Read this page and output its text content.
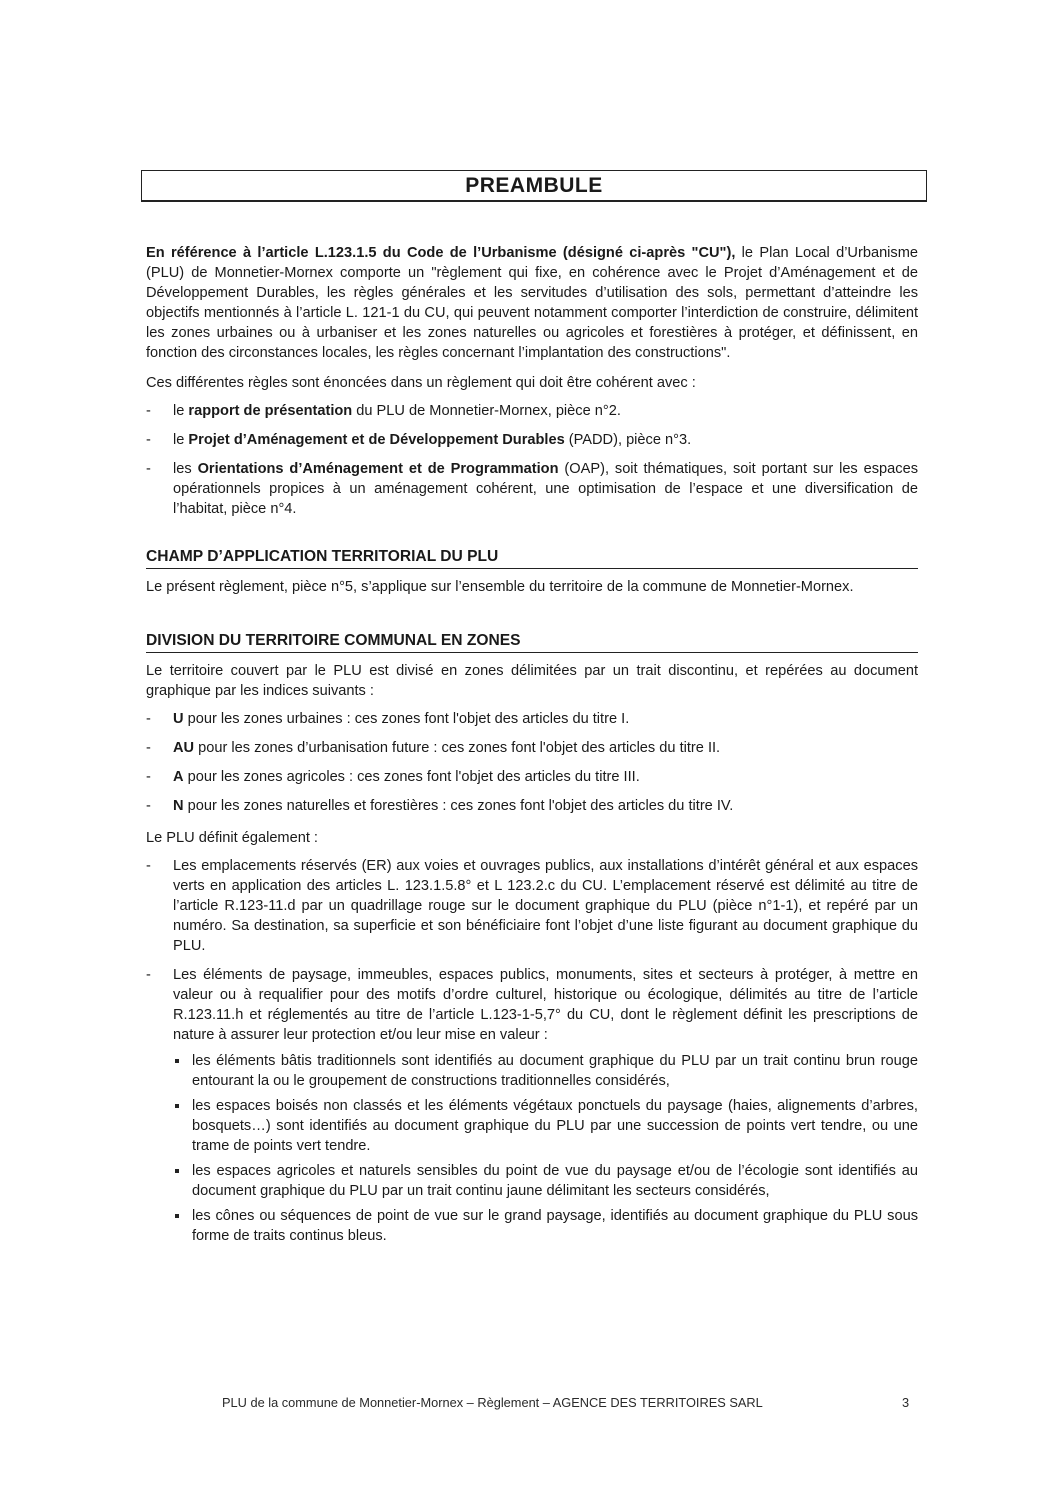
PREAMBULE

En référence à l’article L.123.1.5 du Code de l’Urbanisme (désigné ci-après "CU"), le Plan Local d’Urbanisme (PLU) de Monnetier-Mornex comporte un "règlement qui fixe, en cohérence avec le Projet d’Aménagement et de Développement Durables, les règles générales et les servitudes d’utilisation des sols, permettant d’atteindre les objectifs mentionnés à l’article L. 121-1 du CU, qui peuvent notamment comporter l’interdiction de construire, délimitent les zones urbaines ou à urbaniser et les zones naturelles ou agricoles et forestières à protéger, et définissent, en fonction des circonstances locales, les règles concernant l’implantation des constructions".

Ces différentes règles sont énoncées dans un règlement qui doit être cohérent avec :

- le rapport de présentation du PLU de Monnetier-Mornex, pièce n°2.
- le Projet d’Aménagement et de Développement Durables (PADD), pièce n°3.
- les Orientations d’Aménagement et de Programmation (OAP), soit thématiques, soit portant sur les espaces opérationnels propices à un aménagement cohérent, une optimisation de l’espace et une diversification de l’habitat, pièce n°4.
CHAMP D’APPLICATION TERRITORIAL DU PLU

Le présent règlement, pièce n°5, s’applique sur l’ensemble du territoire de la commune de Monnetier-Mornex.

DIVISION DU TERRITOIRE COMMUNAL EN ZONES

Le territoire couvert par le PLU est divisé en zones délimitées par un trait discontinu, et repérées au document graphique par les indices suivants :

- U pour les zones urbaines : ces zones font l'objet des articles du titre I.
- AU pour les zones d’urbanisation future : ces zones font l'objet des articles du titre II.
- A pour les zones agricoles : ces zones font l'objet des articles du titre III.
- N pour les zones naturelles et forestières : ces zones font l'objet des articles du titre IV.

Le PLU définit également :

- Les emplacements réservés (ER) aux voies et ouvrages publics, aux installations d’intérêt général et aux espaces verts en application des articles L. 123.1.5.8° et L 123.2.c du CU. L’emplacement réservé est délimité au titre de l’article R.123-11.d par un quadrillage rouge sur le document graphique du PLU (pièce n°1-1), et repéré par un numéro. Sa destination, sa superficie et son bénéficiaire font l’objet d’une liste figurant au document graphique du PLU.
- Les éléments de paysage, immeubles, espaces publics, monuments, sites et secteurs à protéger, à mettre en valeur ou à requalifier pour des motifs d’ordre culturel, historique ou écologique, délimités au titre de l’article R.123.11.h et réglementés au titre de l’article L.123-1-5,7° du CU, dont le règlement définit les prescriptions de nature à assurer leur protection et/ou leur mise en valeur :
les éléments bâtis traditionnels sont identifiés au document graphique du PLU par un trait continu brun rouge entourant la ou le groupement de constructions traditionnelles considérés,
les espaces boisés non classés et les éléments végétaux ponctuels du paysage (haies, alignements d’arbres, bosquets…) sont identifiés au document graphique du PLU par une succession de points vert tendre, ou une trame de points vert tendre.
les espaces agricoles et naturels sensibles du point de vue du paysage et/ou de l’écologie sont identifiés au document graphique du PLU par un trait continu jaune délimitant les secteurs considérés,
les cônes ou séquences de point de vue sur le grand paysage, identifiés au document graphique du PLU sous forme de traits continus bleus.
PLU de la commune de Monnetier-Mornex – Règlement – AGENCE DES TERRITOIRES SARL	3
